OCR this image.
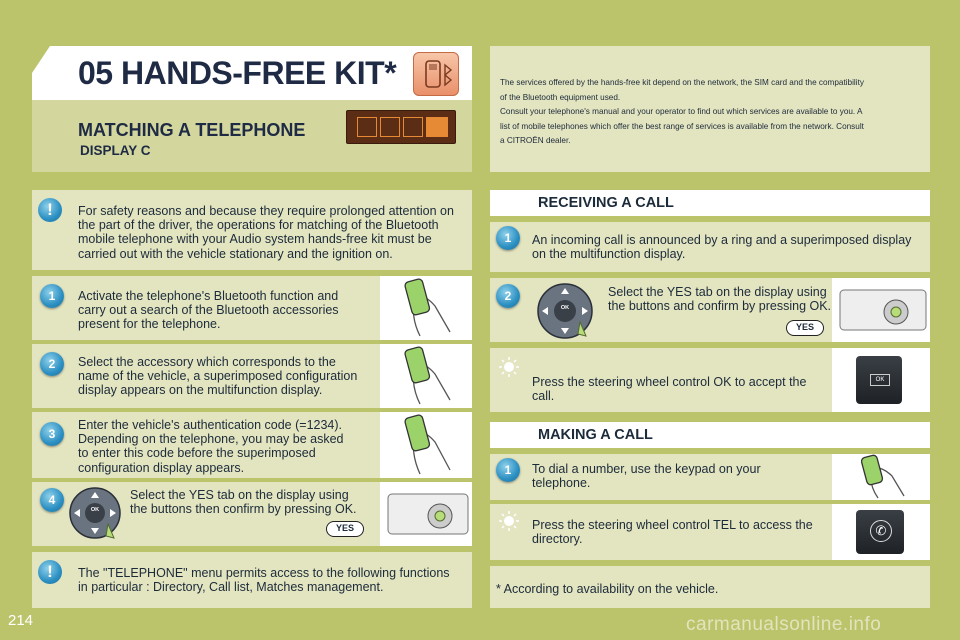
05 HANDS-FREE KIT*
MATCHING A TELEPHONE
DISPLAY C
The services offered by the hands-free kit depend on the network, the SIM card and the compatibility
of the Bluetooth equipment used.
Consult your telephone's manual and your operator to find out which services are available to you. A
list of mobile telephones which offer the best range of services is available from the network. Consult
a CITROËN dealer.
!	For safety reasons and because they require prolonged attention on
the part of the driver, the operations for matching of the Bluetooth
mobile telephone with your Audio system hands-free kit must be
carried out with the vehicle stationary and the ignition on.
1	Activate the telephone's Bluetooth function and
carry out a search of the Bluetooth accessories
present for the telephone.
2	Select the accessory which corresponds to the
name of the vehicle, a superimposed configuration
display appears on the multifunction display.
3
Enter the vehicle's authentication code (=1234).
Depending on the telephone, you may be asked
to enter this code before the superimposed
configuration display appears.
4
OK
Select the YES tab on the display using
the buttons then confirm by pressing OK.
YES
!	The "TELEPHONE" menu permits access to the following functions
in particular : Directory, Call list, Matches management.
RECEIVING A CALL
1	An incoming call is announced by a ring and a superimposed display
on the multifunction display.
2
OK
Select the YES tab on the display using
the buttons and confirm by pressing OK.
YES
Press the steering wheel control OK to accept the call.
OK
MAKING A CALL
1	To dial a number, use the keypad on your
telephone.
Press the steering wheel control TEL to access the
directory.
✆
* According to availability on the vehicle.
214	carmanualsonline.info
